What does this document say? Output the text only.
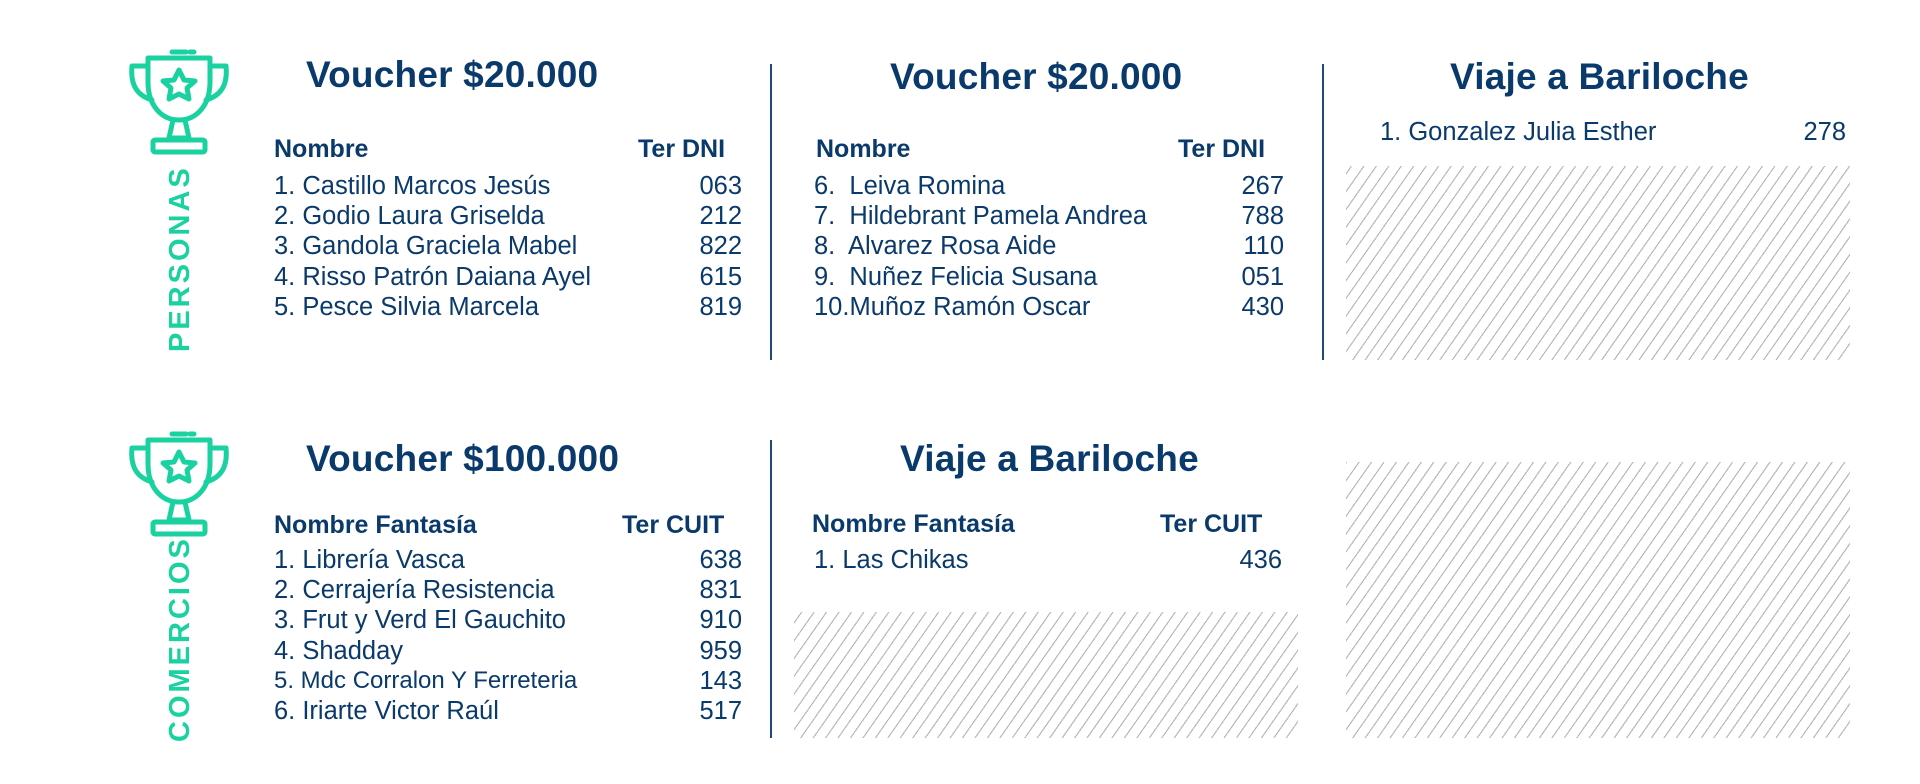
PERSONAS
Voucher $20.000
Nombre	Ter DNI
1. Castillo Marcos Jesús	063
2. Godio Laura Griselda	212
3. Gandola Graciela Mabel	822
4. Risso Patrón Daiana Ayel	615
5. Pesce Silvia Marcela	819
Voucher $20.000
Nombre	Ter DNI
6.  Leiva Romina	267
7.  Hildebrant Pamela Andrea	788
8.  Alvarez Rosa Aide	110
9.  Nuñez Felicia Susana	051
10.Muñoz Ramón Oscar	430
Viaje a Bariloche
1. Gonzalez Julia Esther	278
COMERCIOS
Voucher $100.000
Nombre Fantasía	Ter CUIT
1. Librería Vasca	638
2. Cerrajería Resistencia	831
3. Frut y Verd El Gauchito	910
4. Shadday	959
5. Mdc Corralon Y Ferreteria	143
6. Iriarte Victor Raúl	517
Viaje a Bariloche
Nombre Fantasía	Ter CUIT
1. Las Chikas	436
